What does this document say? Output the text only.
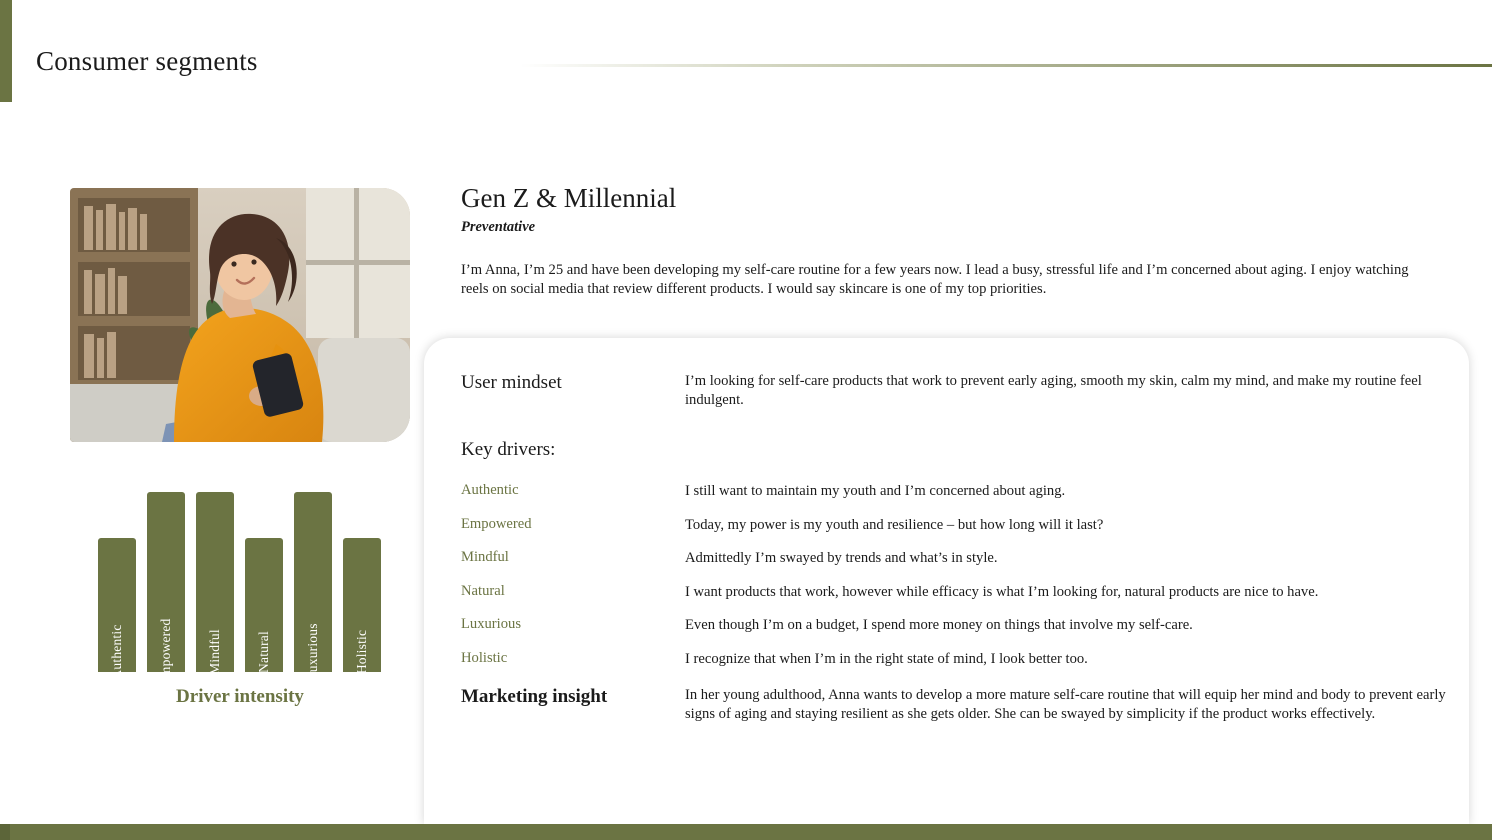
Consumer segments
Authentic	Empowered	Mindful	Natural	Luxurious	Holistic
Driver intensity
Gen Z & Millennial
Preventative
I’m Anna, I’m 25 and have been developing my self-care routine for a few years now. I lead a busy, stressful life and I’m concerned about aging. I enjoy watching reels on social media that review different products. I would say skincare is one of my top priorities.
User mindset	I’m looking for self-care products that work to prevent early aging, smooth my skin, calm my mind, and make my routine feel indulgent.
Key drivers:
Authentic	I still want to maintain my youth and I’m concerned about aging.
Empowered	Today, my power is my youth and resilience – but how long will it last?
Mindful	Admittedly I’m swayed by trends and what’s in style.
Natural	I want products that work, however while efficacy is what I’m looking for, natural products are nice to have.
Luxurious	Even though I’m on a budget, I spend more money on things that involve my self-care.
Holistic	I recognize that when I’m in the right state of mind, I look better too.
Marketing insight	In her young adulthood, Anna wants to develop a more mature self-care routine that will equip her mind and body to prevent early signs of aging and staying resilient as she gets older. She can be swayed by simplicity if the product works effectively.
